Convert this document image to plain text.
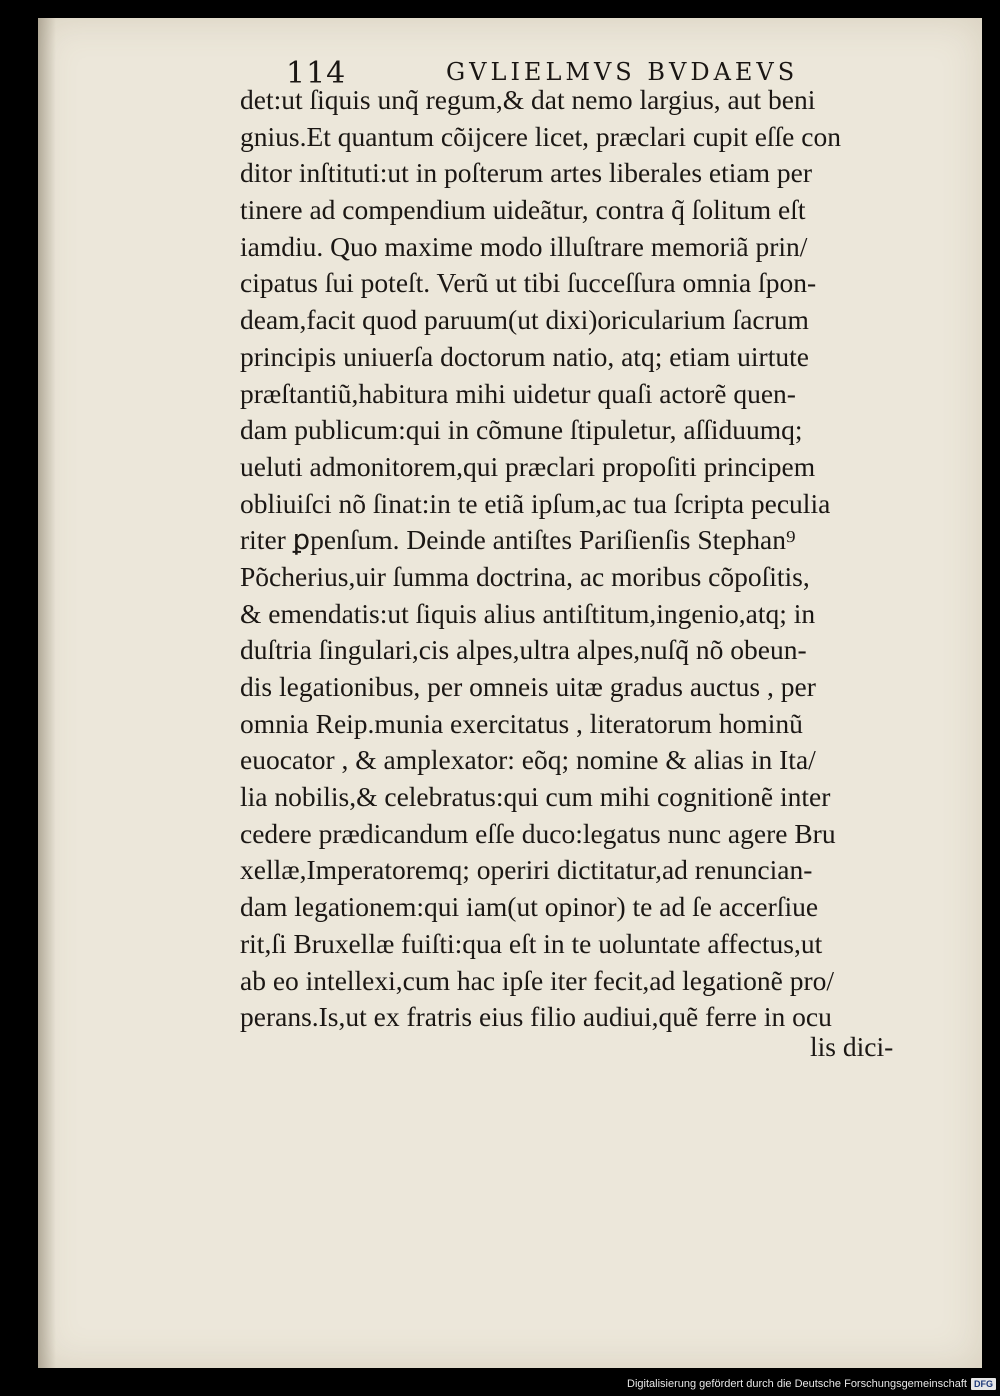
114	GVLIELMVS BVDAEVS
det:ut ſiquis unq̃ regum,& dat nemo largius, aut beni
gnius.Et quantum cõijcere licet, præclari cupit eſſe con
ditor inſtituti:ut in poſterum artes liberales etiam per
tinere ad compendium uideãtur, contra q̃ ſolitum eſt
iamdiu. Quo maxime modo illuſtrare memoriã prin/
cipatus ſui poteſt. Verũ ut tibi ſucceſſura omnia ſpon-
deam,facit quod paruum(ut dixi)oricularium ſacrum
principis uniuerſa doctorum natio, atq; etiam uirtute
præſtantiũ,habitura mihi uidetur quaſi actorẽ quen-
dam publicum:qui in cõmune ſtipuletur, aſſiduumq;
ueluti admonitorem,qui præclari propoſiti principem
obliuiſci nõ ſinat:in te etiã ipſum,ac tua ſcripta peculia
riter ꝑpenſum. Deinde antiſtes Pariſienſis Stephan⁹
Põcherius,uir ſumma doctrina, ac moribus cõpoſitis,
& emendatis:ut ſiquis alius antiſtitum,ingenio,atq; in
duſtria ſingulari,cis alpes,ultra alpes,nuſq̃ nõ obeun-
dis legationibus, per omneis uitæ gradus auctus , per
omnia Reip.munia exercitatus , literatorum hominũ
euocator , & amplexator: eõq; nomine & alias in Ita/
lia nobilis,& celebratus:qui cum mihi cognitionẽ inter
cedere prædicandum eſſe duco:legatus nunc agere Bru
xellæ,Imperatoremq; operiri dictitatur,ad renuncian-
dam legationem:qui iam(ut opinor) te ad ſe accerſiue
rit,ſi Bruxellæ fuiſti:qua eſt in te uoluntate affectus,ut
ab eo intellexi,cum hac ipſe iter fecit,ad legationẽ pro/
perans.Is,ut ex fratris eius filio audiui,quẽ ferre in ocu
lis dici-
Digitalisierung gefördert durch die Deutsche Forschungsgemeinschaft DFG
